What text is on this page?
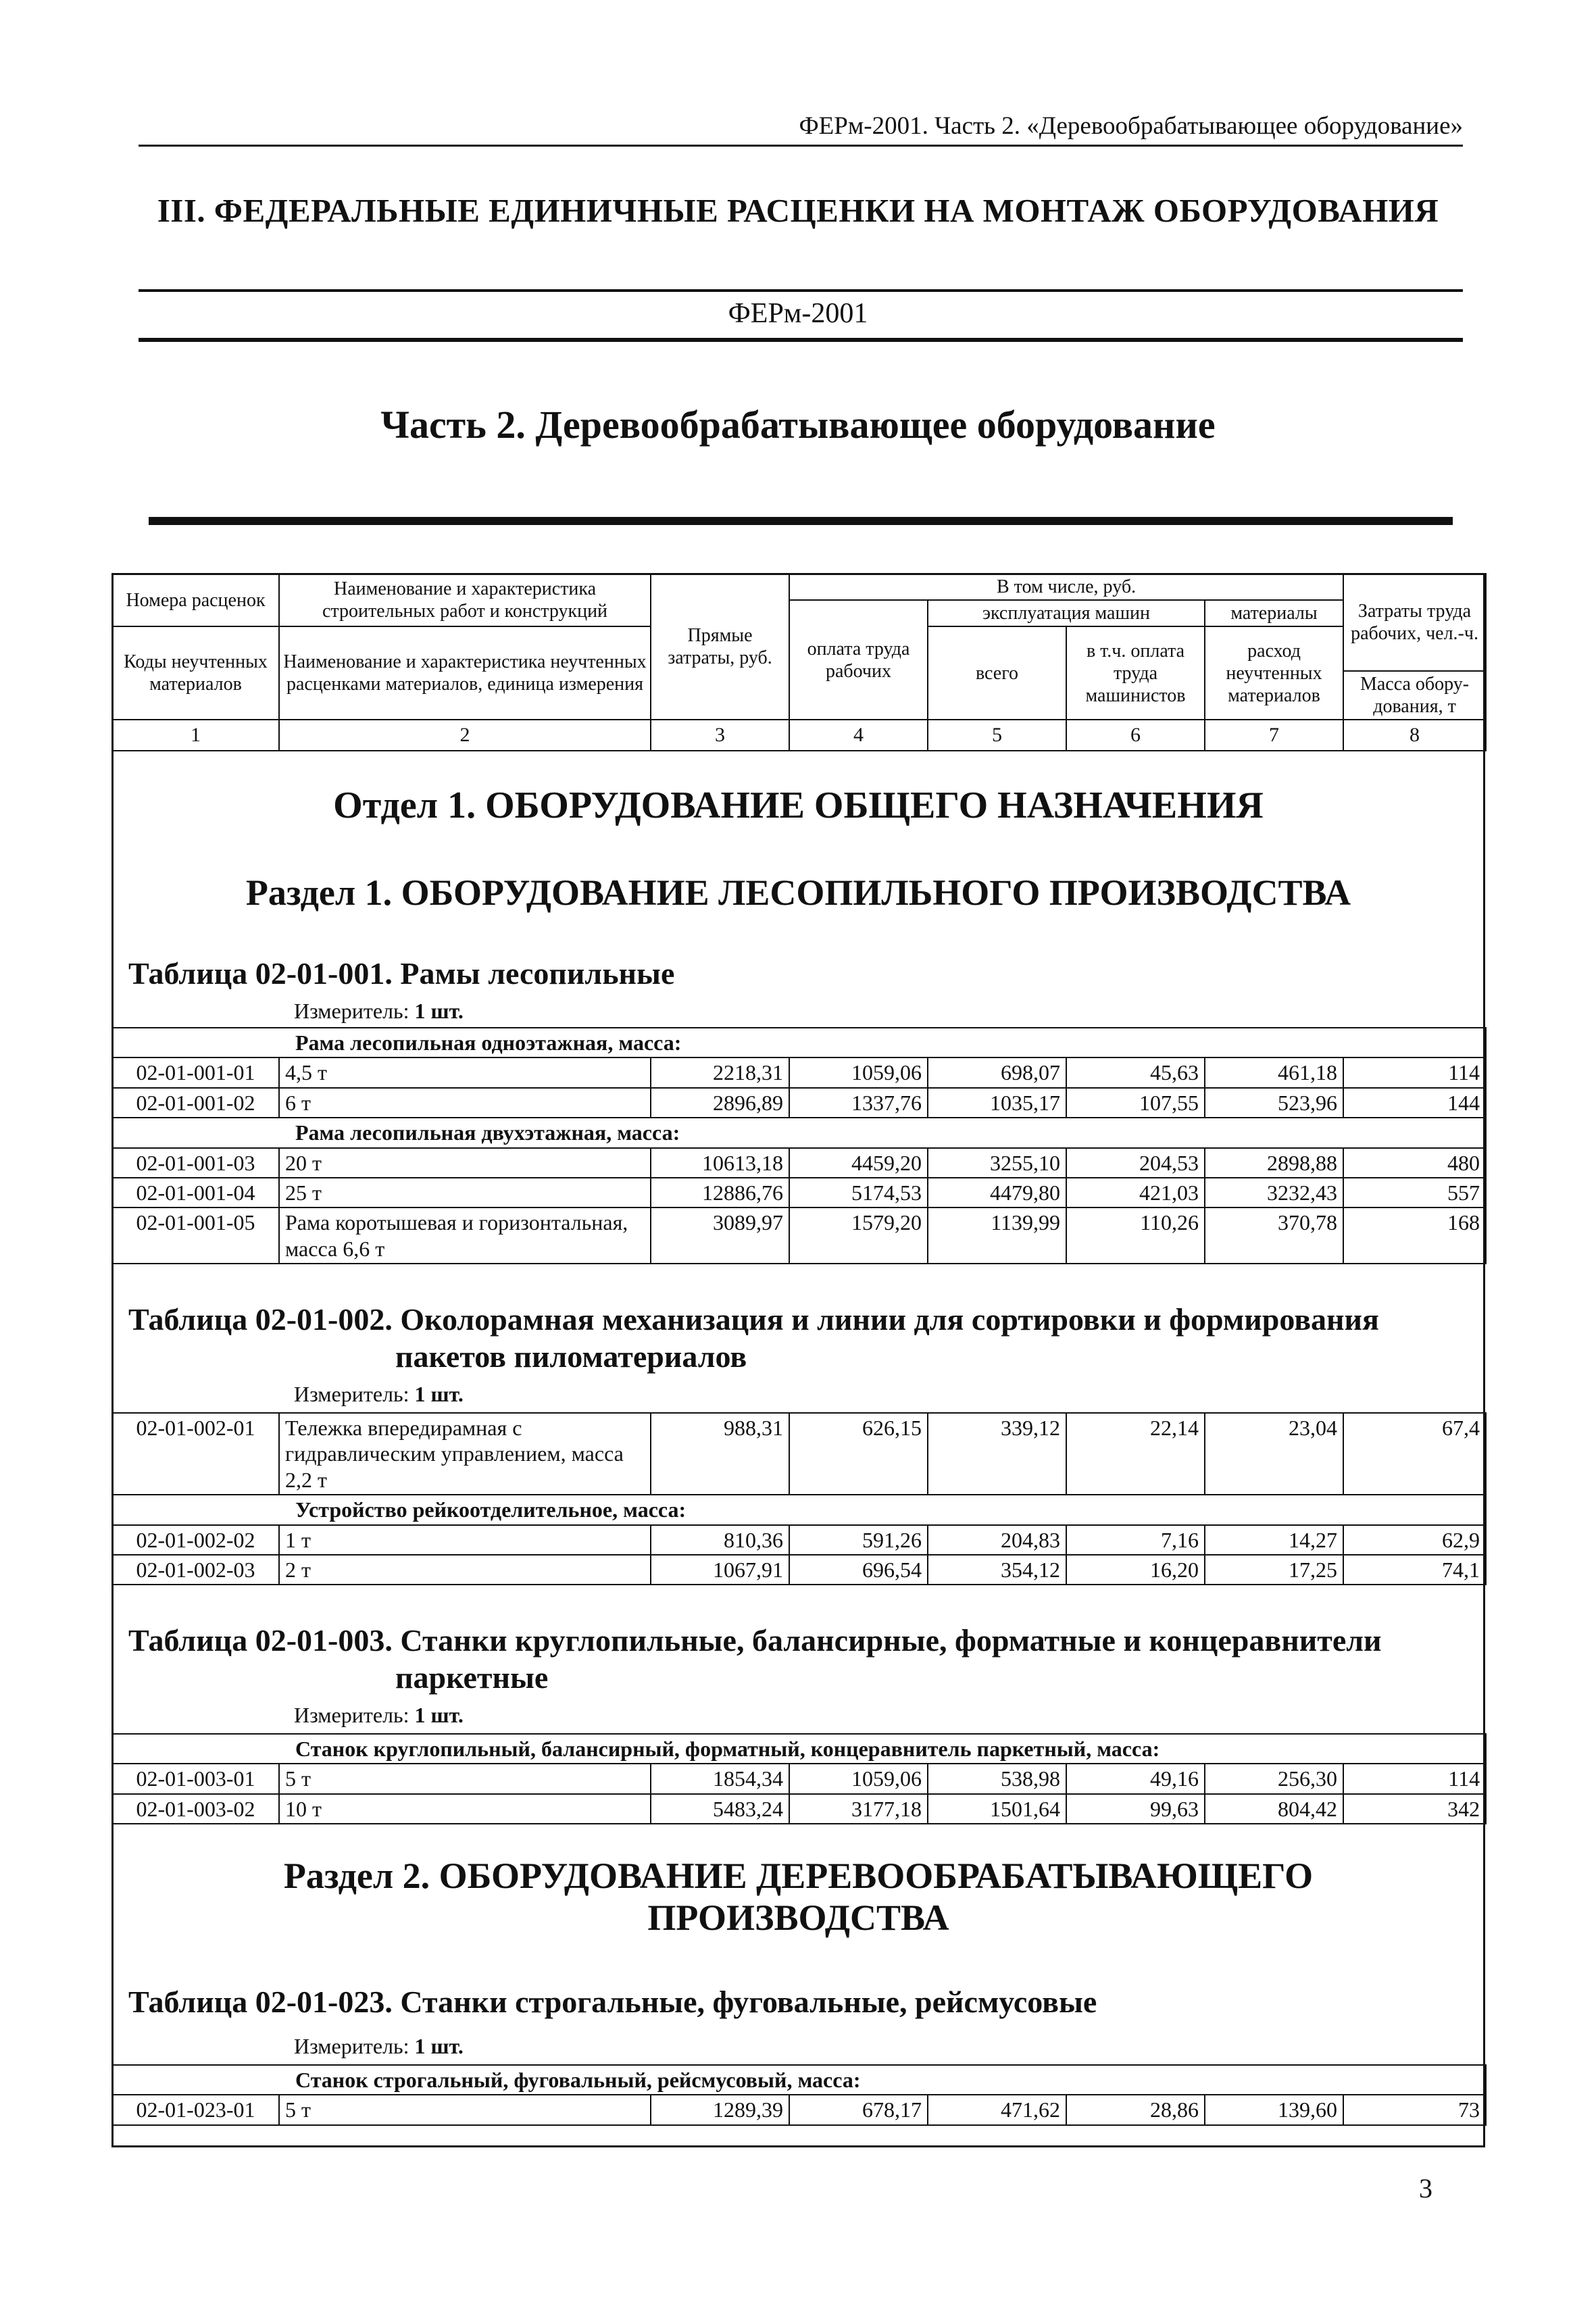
ФЕРм-2001. Часть 2. «Деревообрабатывающее оборудование»
III. ФЕДЕРАЛЬНЫЕ ЕДИНИЧНЫЕ РАСЦЕНКИ НА МОНТАЖ ОБОРУДОВАНИЯ
ФЕРм-2001
Часть 2. Деревообрабатывающее оборудование
Номера расценок	Наименование и характеристика строительных работ и конструкций	Прямые затраты, руб.	В том числе, руб.				Затраты труда рабочих, чел.-ч.
			оплата труда рабочих	эксплуатация машин		материалы	
Коды неучтенных материалов	Наименование и характеристика неучтенных расценками материалов, единица измерения			всего	в т.ч. оплата труда машинистов	расход неучтенных материалов	
							Масса обору-дования, т
1	2	3	4	5	6	7	8
Отдел 1. ОБОРУДОВАНИЕ ОБЩЕГО НАЗНАЧЕНИЯ
Раздел 1. ОБОРУДОВАНИЕ ЛЕСОПИЛЬНОГО ПРОИЗВОДСТВА
Таблица 02-01-001. Рамы лесопильные
Измеритель: 1 шт.
Рама лесопильная одноэтажная, масса:							
02-01-001-01	4,5 т	2218,31	1059,06	698,07	45,63	461,18	114
02-01-001-02	6 т	2896,89	1337,76	1035,17	107,55	523,96	144
Рама лесопильная двухэтажная, масса:							
02-01-001-03	20 т	10613,18	4459,20	3255,10	204,53	2898,88	480
02-01-001-04	25 т	12886,76	5174,53	4479,80	421,03	3232,43	557
02-01-001-05	Рама коротышевая и горизонтальная, масса 6,6 т	3089,97	1579,20	1139,99	110,26	370,78	168
Таблица 02-01-002. Околорамная механизация и линии для сортировки и формирования
пакетов пиломатериалов
Измеритель: 1 шт.
02-01-002-01	Тележка впередирамная с гидравлическим управлением, масса 2,2 т	988,31	626,15	339,12	22,14	23,04	67,4
Устройство рейкоотделительное, масса:							
02-01-002-02	1 т	810,36	591,26	204,83	7,16	14,27	62,9
02-01-002-03	2 т	1067,91	696,54	354,12	16,20	17,25	74,1
Таблица 02-01-003. Станки круглопильные, балансирные, форматные и концеравнители
паркетные
Измеритель: 1 шт.
Станок круглопильный, балансирный, форматный, концеравнитель паркетный, масса:							
02-01-003-01	5 т	1854,34	1059,06	538,98	49,16	256,30	114
02-01-003-02	10 т	5483,24	3177,18	1501,64	99,63	804,42	342
Раздел 2. ОБОРУДОВАНИЕ ДЕРЕВООБРАБАТЫВАЮЩЕГО
ПРОИЗВОДСТВА
Таблица 02-01-023. Станки строгальные, фуговальные, рейсмусовые
Измеритель: 1 шт.
Станок строгальный, фуговальный, рейсмусовый, масса:
02-01-023-01	5 т	1289,39	678,17	471,62	28,86	139,60	73
3
